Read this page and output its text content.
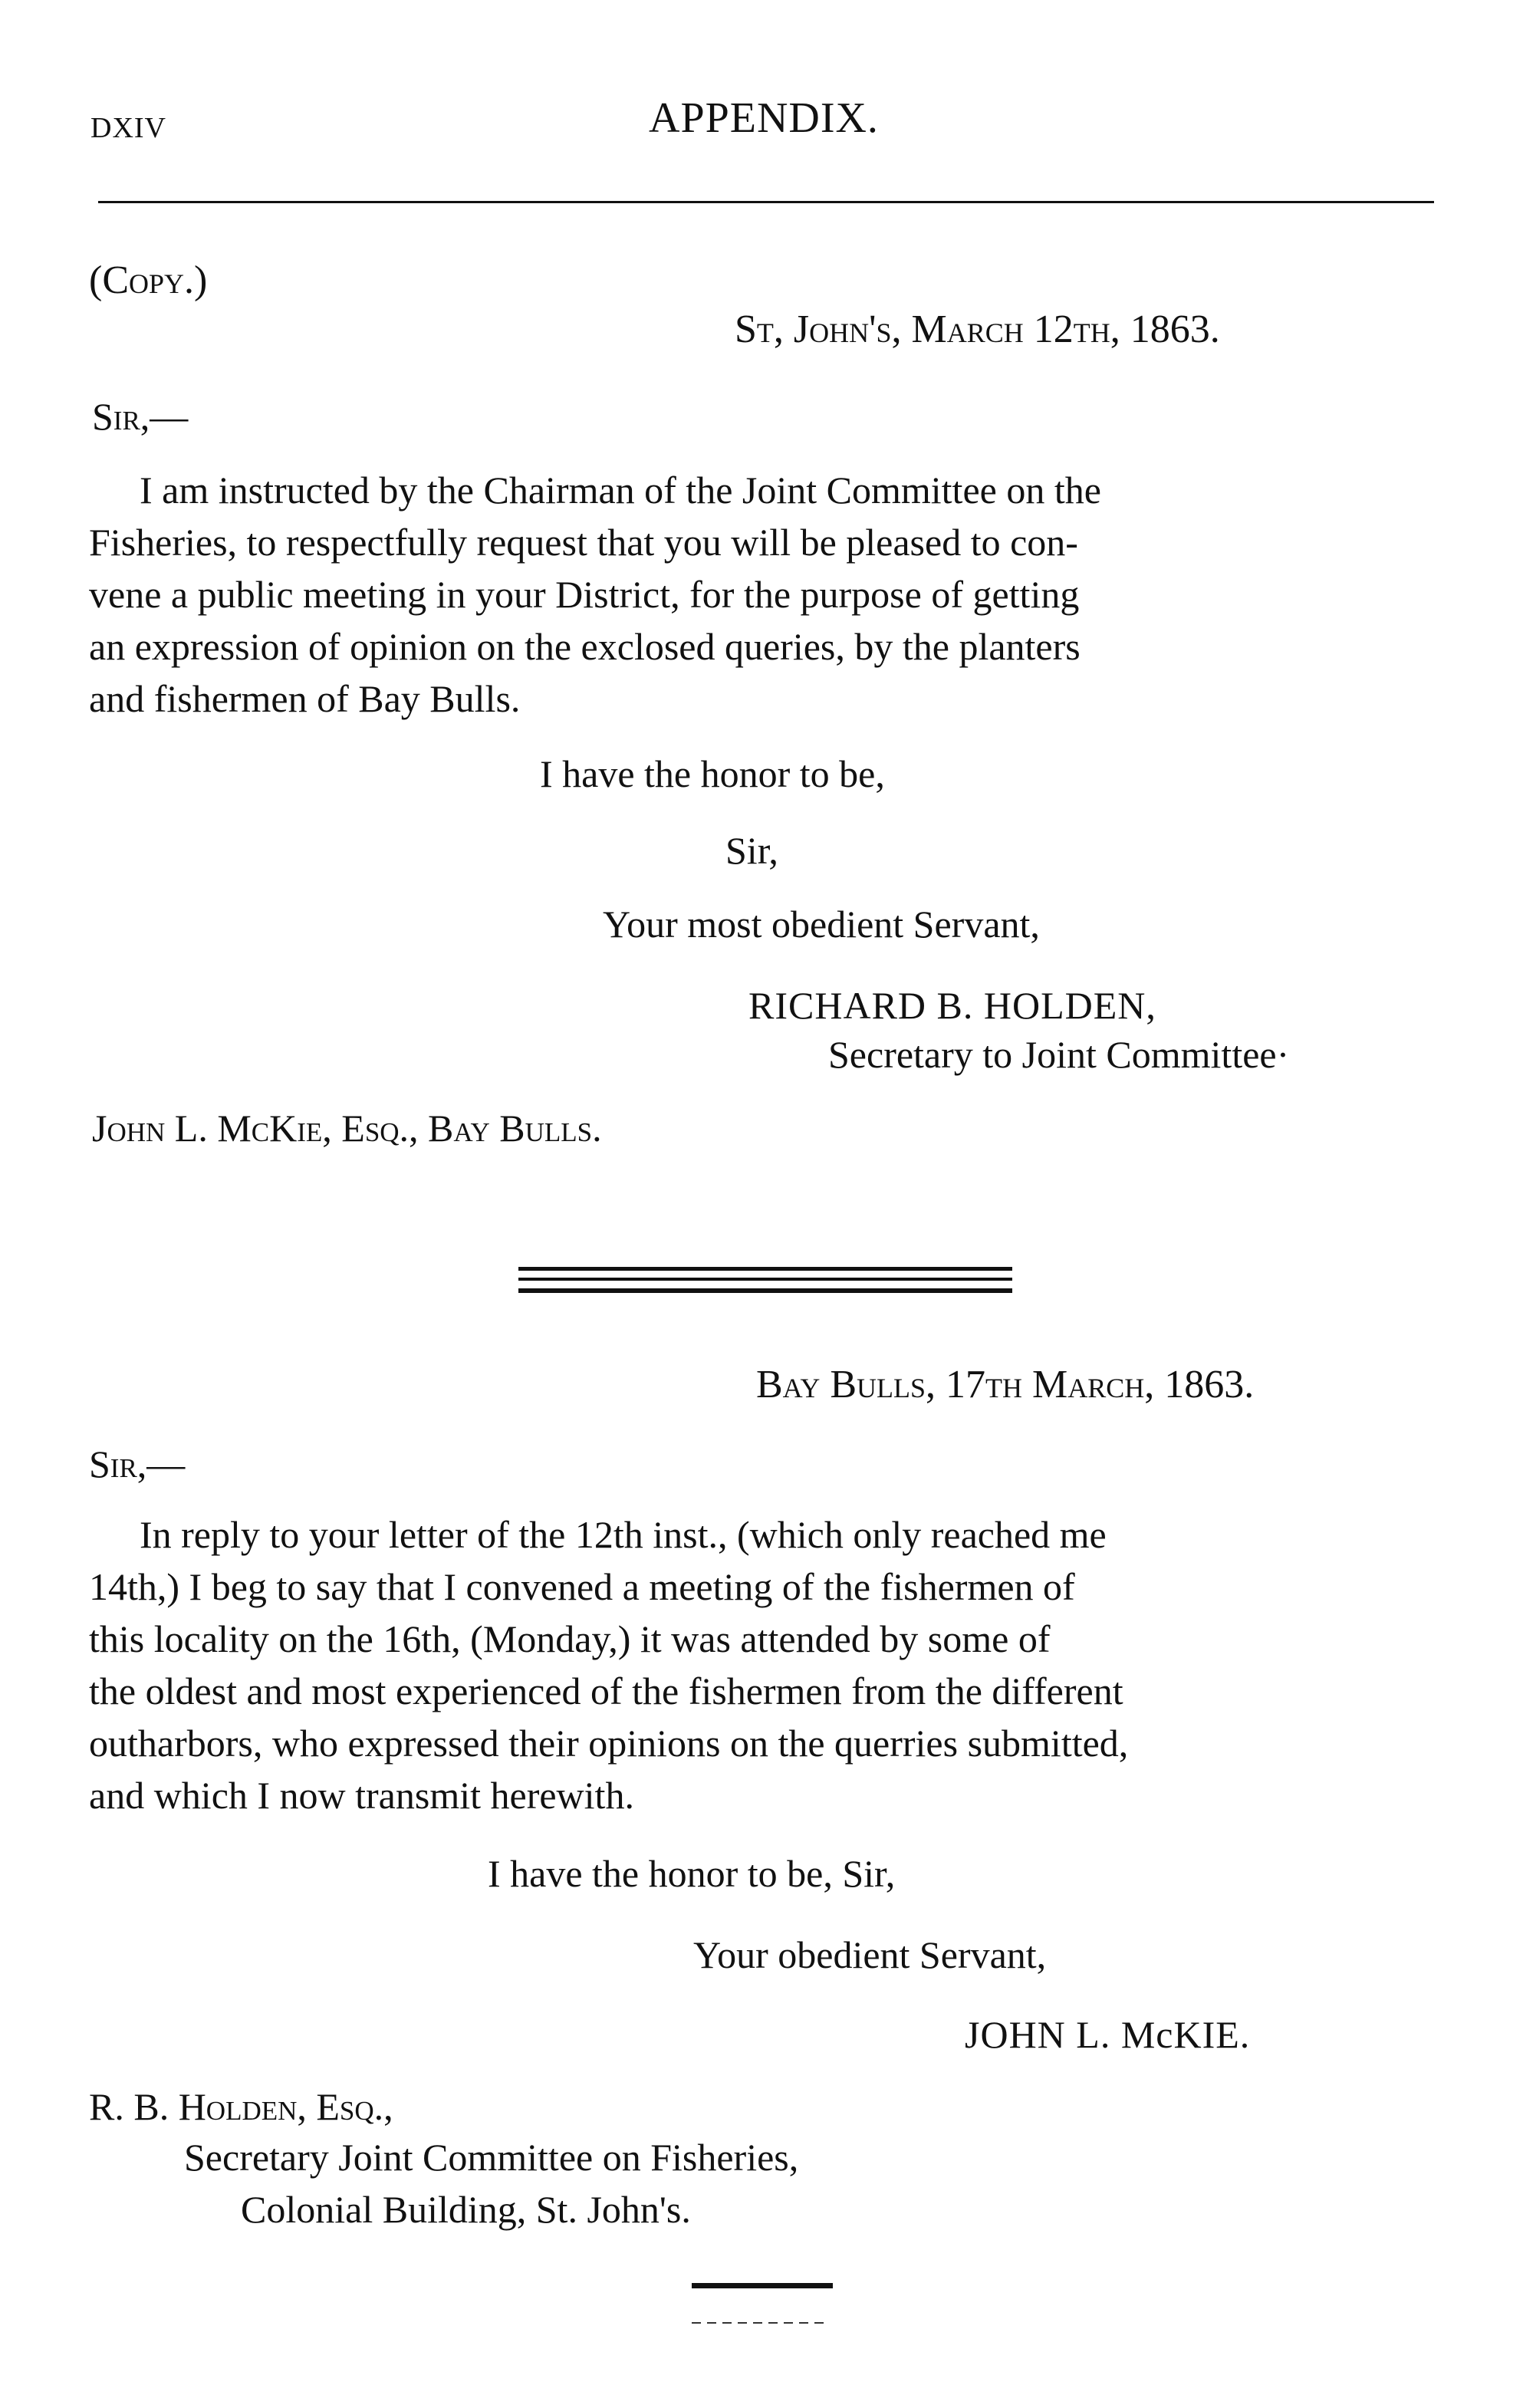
DXIV	APPENDIX.
(Copy.)
St, John's, March 12th, 1863.
Sir,—
I am instructed by the Chairman of the Joint Committee on the
Fisheries, to respectfully request that you will be pleased to con-
vene a public meeting in your District, for the purpose of getting
an expression of opinion on the exclosed queries, by the planters
and fishermen of Bay Bulls.
I have the honor to be,
Sir,
Your most obedient Servant,
RICHARD B. HOLDEN,
Secretary to Joint Committee·
John L. McKie, Esq., Bay Bulls.
Bay Bulls, 17th March, 1863.
Sir,—
In reply to your letter of the 12th inst., (which only reached me
14th,) I beg to say that I convened a meeting of the fishermen of
this locality on the 16th, (Monday,) it was attended by some of
the oldest and most experienced of the fishermen from the different
outharbors, who expressed their opinions on the querries submitted,
and which I now transmit herewith.
I have the honor to be, Sir,
Your obedient Servant,
JOHN L. McKIE.
R. B. Holden, Esq.,
Secretary Joint Committee on Fisheries,
Colonial Building, St. John's.
